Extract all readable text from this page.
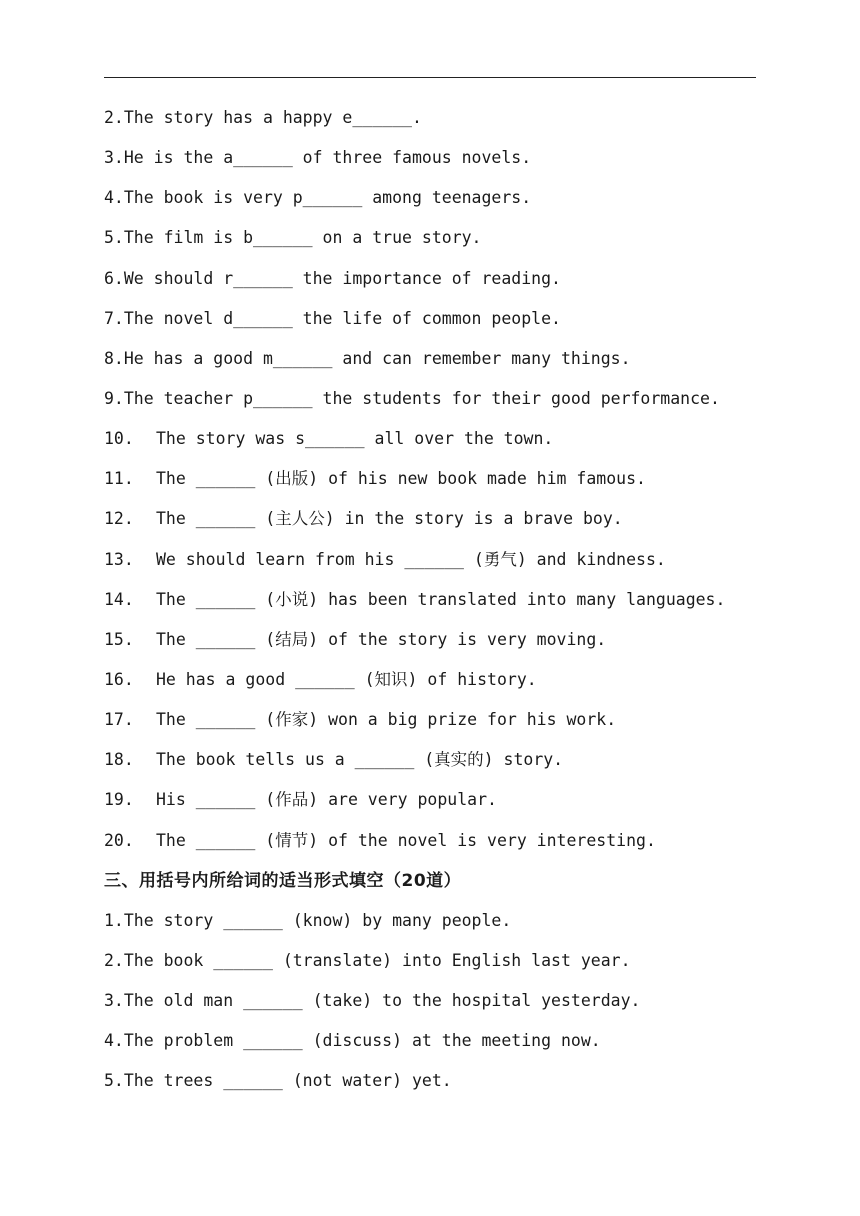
2.The story has a happy e______.
3.He is the a______ of three famous novels.
4.The book is very p______ among teenagers.
5.The film is b______ on a true story.
6.We should r______ the importance of reading.
7.The novel d______ the life of common people.
8.He has a good m______ and can remember many things.
9.The teacher p______ the students for their good performance.
10. The story was s______ all over the town.
11. The ______ (出版) of his new book made him famous.
12. The ______ (主人公) in the story is a brave boy.
13. We should learn from his ______ (勇气) and kindness.
14. The ______ (小说) has been translated into many languages.
15. The ______ (结局) of the story is very moving.
16. He has a good ______ (知识) of history.
17. The ______ (作家) won a big prize for his work.
18. The book tells us a ______ (真实的) story.
19. His ______ (作品) are very popular.
20. The ______ (情节) of the novel is very interesting.
三、用括号内所给词的适当形式填空（20道）
1.The story ______ (know) by many people.
2.The book ______ (translate) into English last year.
3.The old man ______ (take) to the hospital yesterday.
4.The problem ______ (discuss) at the meeting now.
5.The trees ______ (not water) yet.
